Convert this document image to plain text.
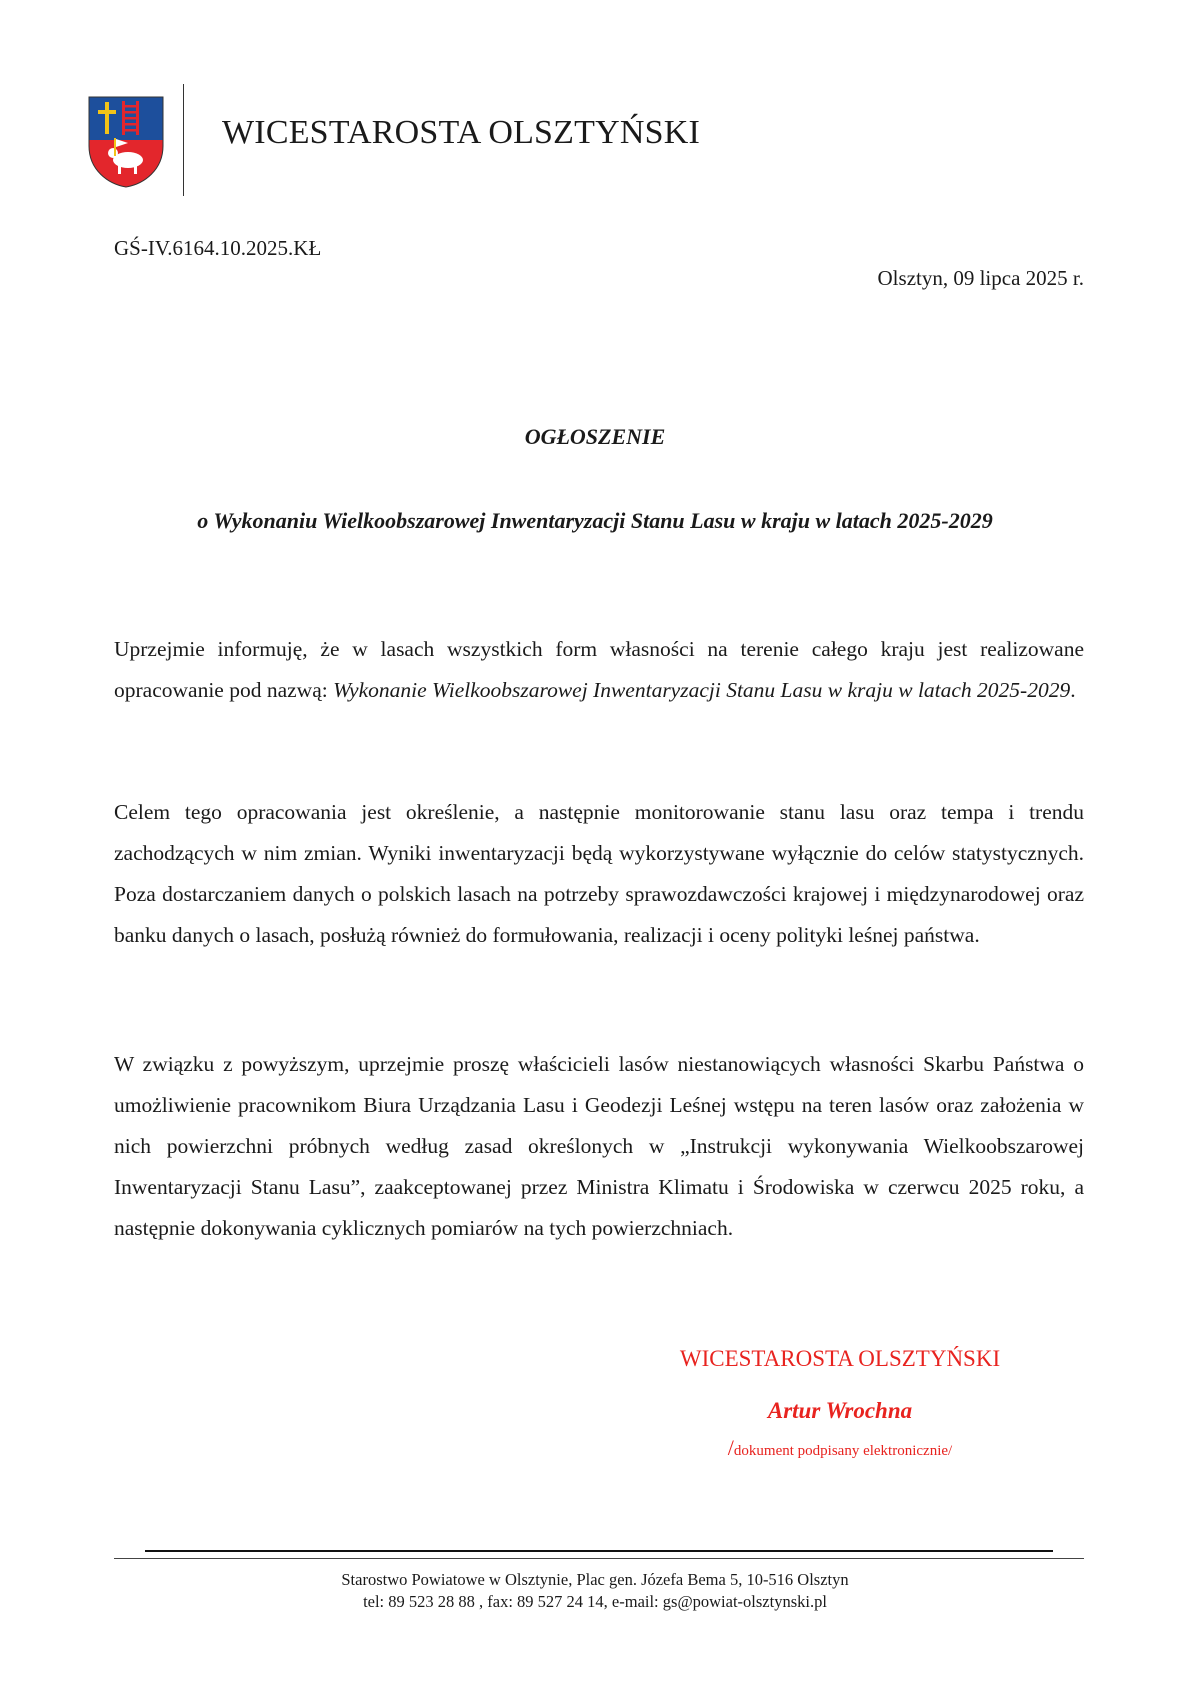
WICESTAROSTA OLSZTYŃSKI
GŚ-IV.6164.10.2025.KŁ
Olsztyn, 09 lipca 2025 r.
OGŁOSZENIE
o Wykonaniu Wielkoobszarowej Inwentaryzacji Stanu Lasu w kraju w latach 2025-2029
Uprzejmie informuję, że w lasach wszystkich form własności na terenie całego kraju jest realizowane opracowanie pod nazwą: Wykonanie Wielkoobszarowej Inwentaryzacji Stanu Lasu w kraju w latach 2025-2029.
Celem tego opracowania jest określenie, a następnie monitorowanie stanu lasu oraz tempa i trendu zachodzących w nim zmian. Wyniki inwentaryzacji będą wykorzystywane wyłącznie do celów statystycznych. Poza dostarczaniem danych o polskich lasach na potrzeby sprawozdawczości krajowej i międzynarodowej oraz banku danych o lasach, posłużą również do formułowania, realizacji i oceny polityki leśnej państwa.
W związku z powyższym, uprzejmie proszę właścicieli lasów niestanowiących własności Skarbu Państwa o umożliwienie pracownikom Biura Urządzania Lasu i Geodezji Leśnej wstępu na teren lasów oraz założenia w nich powierzchni próbnych według zasad określonych w „Instrukcji wykonywania Wielkoobszarowej Inwentaryzacji Stanu Lasu”, zaakceptowanej przez Ministra Klimatu i Środowiska w czerwcu 2025 roku, a następnie dokonywania cyklicznych pomiarów na tych powierzchniach.
WICESTAROSTA OLSZTYŃSKI
Artur Wrochna
/dokument podpisany elektronicznie/
Starostwo Powiatowe w Olsztynie, Plac gen. Józefa Bema 5, 10-516 Olsztyn
tel: 89 523 28 88 , fax: 89 527 24 14, e-mail: gs@powiat-olsztynski.pl
